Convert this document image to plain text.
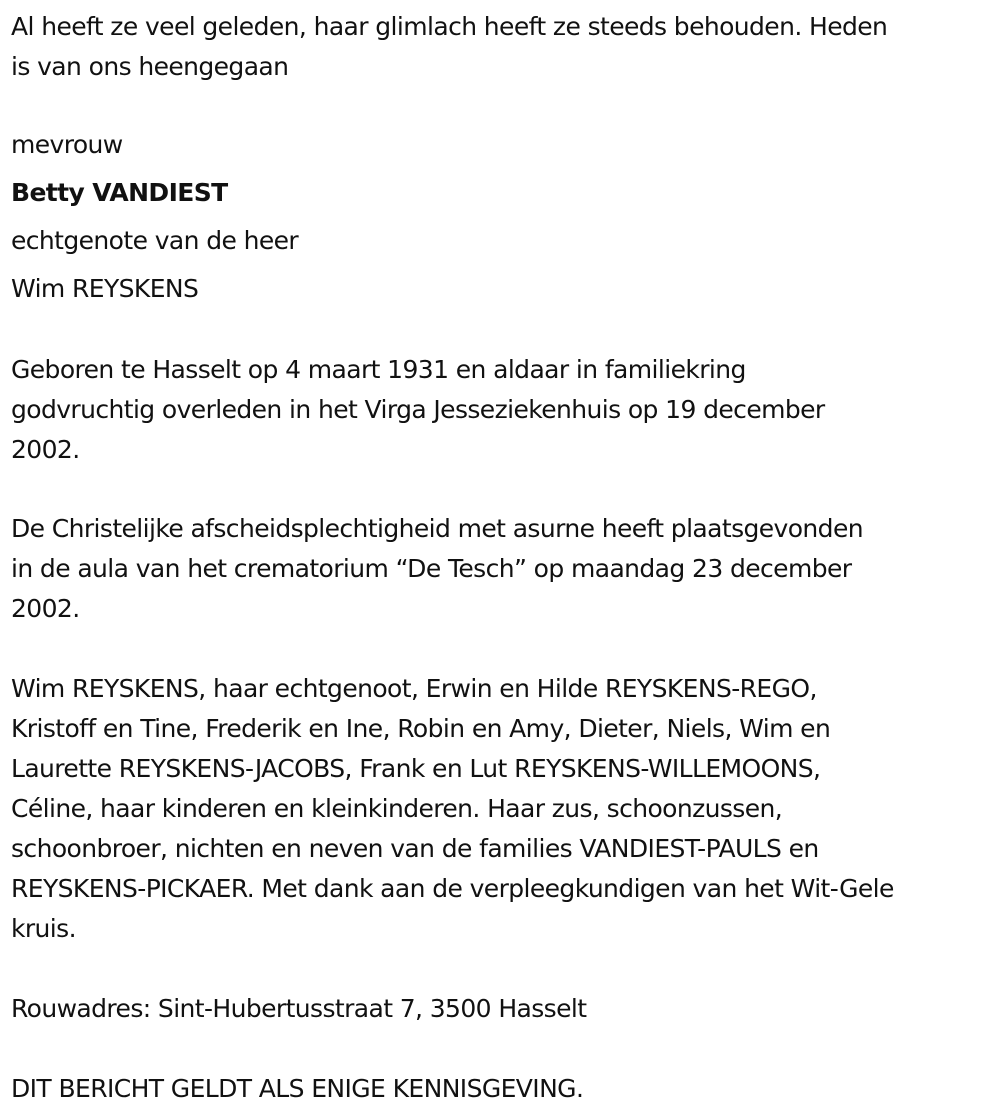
Al heeft ze veel geleden, haar glimlach heeft ze steeds behouden. Heden
is van ons heengegaan

mevrouw

Betty VANDIEST

echtgenote van de heer

Wim REYSKENS

Geboren te Hasselt op 4 maart 1931 en aldaar in familiekring
godvruchtig overleden in het Virga Jesseziekenhuis op 19 december
2002.

De Christelijke afscheidsplechtigheid met asurne heeft plaatsgevonden
in de aula van het crematorium “De Tesch” op maandag 23 december
2002.

Wim REYSKENS, haar echtgenoot, Erwin en Hilde REYSKENS-REGO,
Kristoff en Tine, Frederik en Ine, Robin en Amy, Dieter, Niels, Wim en
Laurette REYSKENS-JACOBS, Frank en Lut REYSKENS-WILLEMOONS,
Céline, haar kinderen en kleinkinderen. Haar zus, schoonzussen,
schoonbroer, nichten en neven van de families VANDIEST-PAULS en
REYSKENS-PICKAER. Met dank aan de verpleegkundigen van het Wit-Gele
kruis.

Rouwadres: Sint-Hubertusstraat 7, 3500 Hasselt

DIT BERICHT GELDT ALS ENIGE KENNISGEVING.
